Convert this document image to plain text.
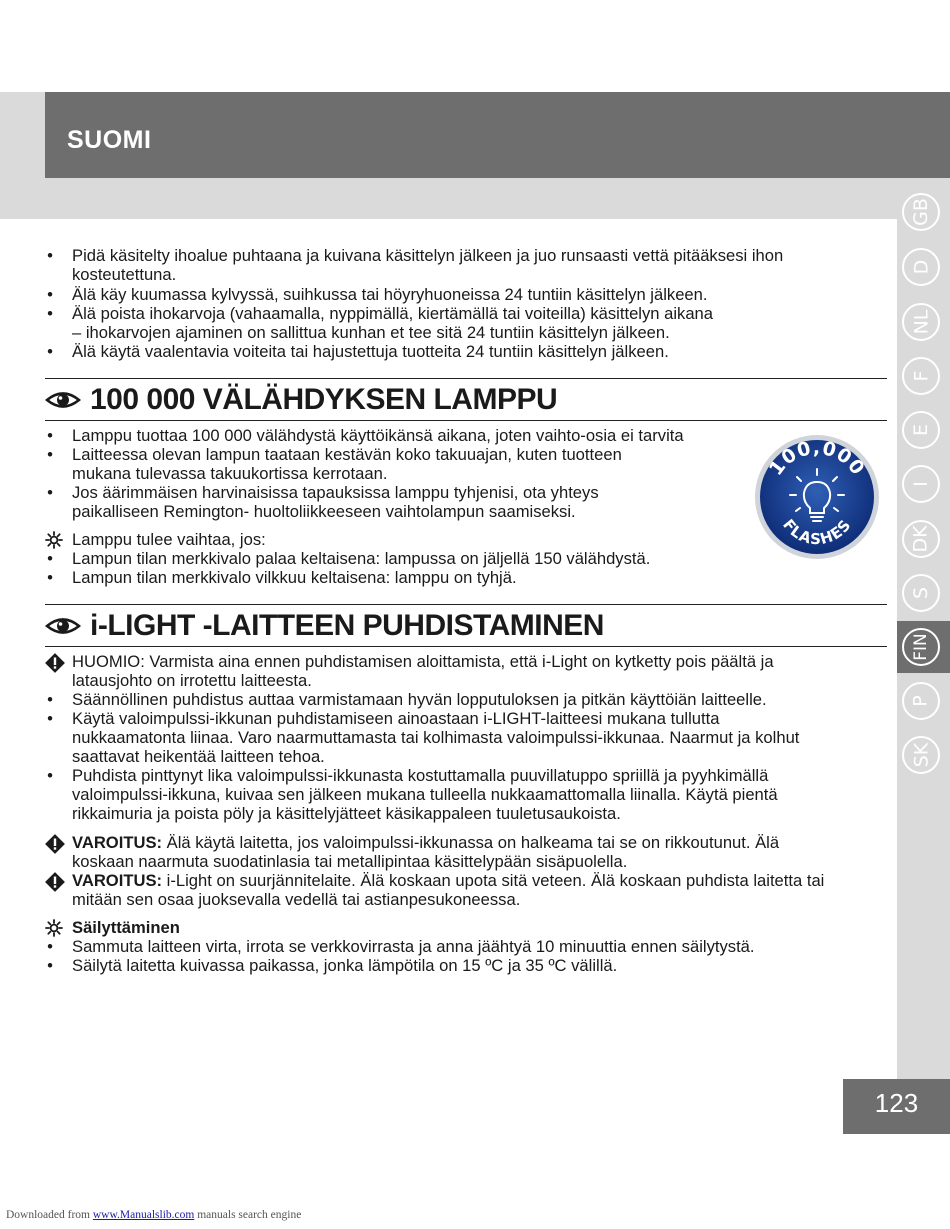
SUOMI
GB
D
NL
F
E
I
DK
S
FIN
P
SK
123
• Pidä käsitelty ihoalue puhtaana ja kuivana käsittelyn jälkeen ja juo runsaasti vettä pitääksesi ihon
kosteutettuna.
• Älä käy kuumassa kylvyssä, suihkussa tai höyryhuoneissa 24 tuntiin käsittelyn jälkeen.
• Älä poista ihokarvoja (vahaamalla, nyppimällä, kiertämällä tai voiteilla) käsittelyn aikana
– ihokarvojen ajaminen on sallittua kunhan et tee sitä 24 tuntiin käsittelyn jälkeen.
• Älä käytä vaalentavia voiteita tai hajustettuja tuotteita 24 tuntiin käsittelyn jälkeen.
• Lamppu tuottaa 100 000 välähdystä käyttöikänsä aikana, joten vaihto-osia ei tarvita
• Laitteessa olevan lampun taataan kestävän koko takuuajan, kuten tuotteen
mukana tulevassa takuukortissa kerrotaan.
• Jos äärimmäisen harvinaisissa tapauksissa lamppu tyhjenisi, ota yhteys
paikalliseen Remington- huoltoliikkeeseen vaihtolampun saamiseksi.
Lamppu tulee vaihtaa, jos:
• Lampun tilan merkkivalo palaa keltaisena: lampussa on jäljellä 150 välähdystä.
• Lampun tilan merkkivalo vilkkuu keltaisena: lamppu on tyhjä.
HUOMIO: Varmista aina ennen puhdistamisen aloittamista, että i-Light on kytketty pois päältä ja
latausjohto on irrotettu laitteesta.
• Säännöllinen puhdistus auttaa varmistamaan hyvän lopputuloksen ja pitkän käyttöiän laitteelle.
• Käytä valoimpulssi-ikkunan puhdistamiseen ainoastaan i-LIGHT-laitteesi mukana tullutta
nukkaamatonta liinaa. Varo naarmuttamasta tai kolhimasta valoimpulssi-ikkunaa. Naarmut ja kolhut
saattavat heikentää laitteen tehoa.
• Puhdista pinttynyt lika valoimpulssi-ikkunasta kostuttamalla puuvillatuppo spriillä ja pyyhkimällä
valoimpulssi-ikkuna, kuivaa sen jälkeen mukana tulleella nukkaamattomalla liinalla. Käytä pientä
rikkaimuria ja poista pöly ja käsittelyjätteet käsikappaleen tuuletusaukoista.
VAROITUS: Älä käytä laitetta, jos valoimpulssi-ikkunassa on halkeama tai se on rikkoutunut. Älä
koskaan naarmuta suodatinlasia tai metallipintaa käsittelypään sisäpuolella.
VAROITUS: i-Light on suurjännitelaite. Älä koskaan upota sitä veteen. Älä koskaan puhdista laitetta tai
mitään sen osaa juoksevalla vedellä tai astianpesukoneessa.
Säilyttäminen
• Sammuta laitteen virta, irrota se verkkovirrasta ja anna jäähtyä 10 minuuttia ennen säilytystä.
• Säilytä laitetta kuivassa paikassa, jonka lämpötila on 15 ºC ja 35 ºC välillä.
100 000 VÄLÄHDYKSEN LAMPPU
100,000
FLASHES
i-LIGHT -LAITTEEN PUHDISTAMINEN
Downloaded from www.Manualslib.com manuals search engine
